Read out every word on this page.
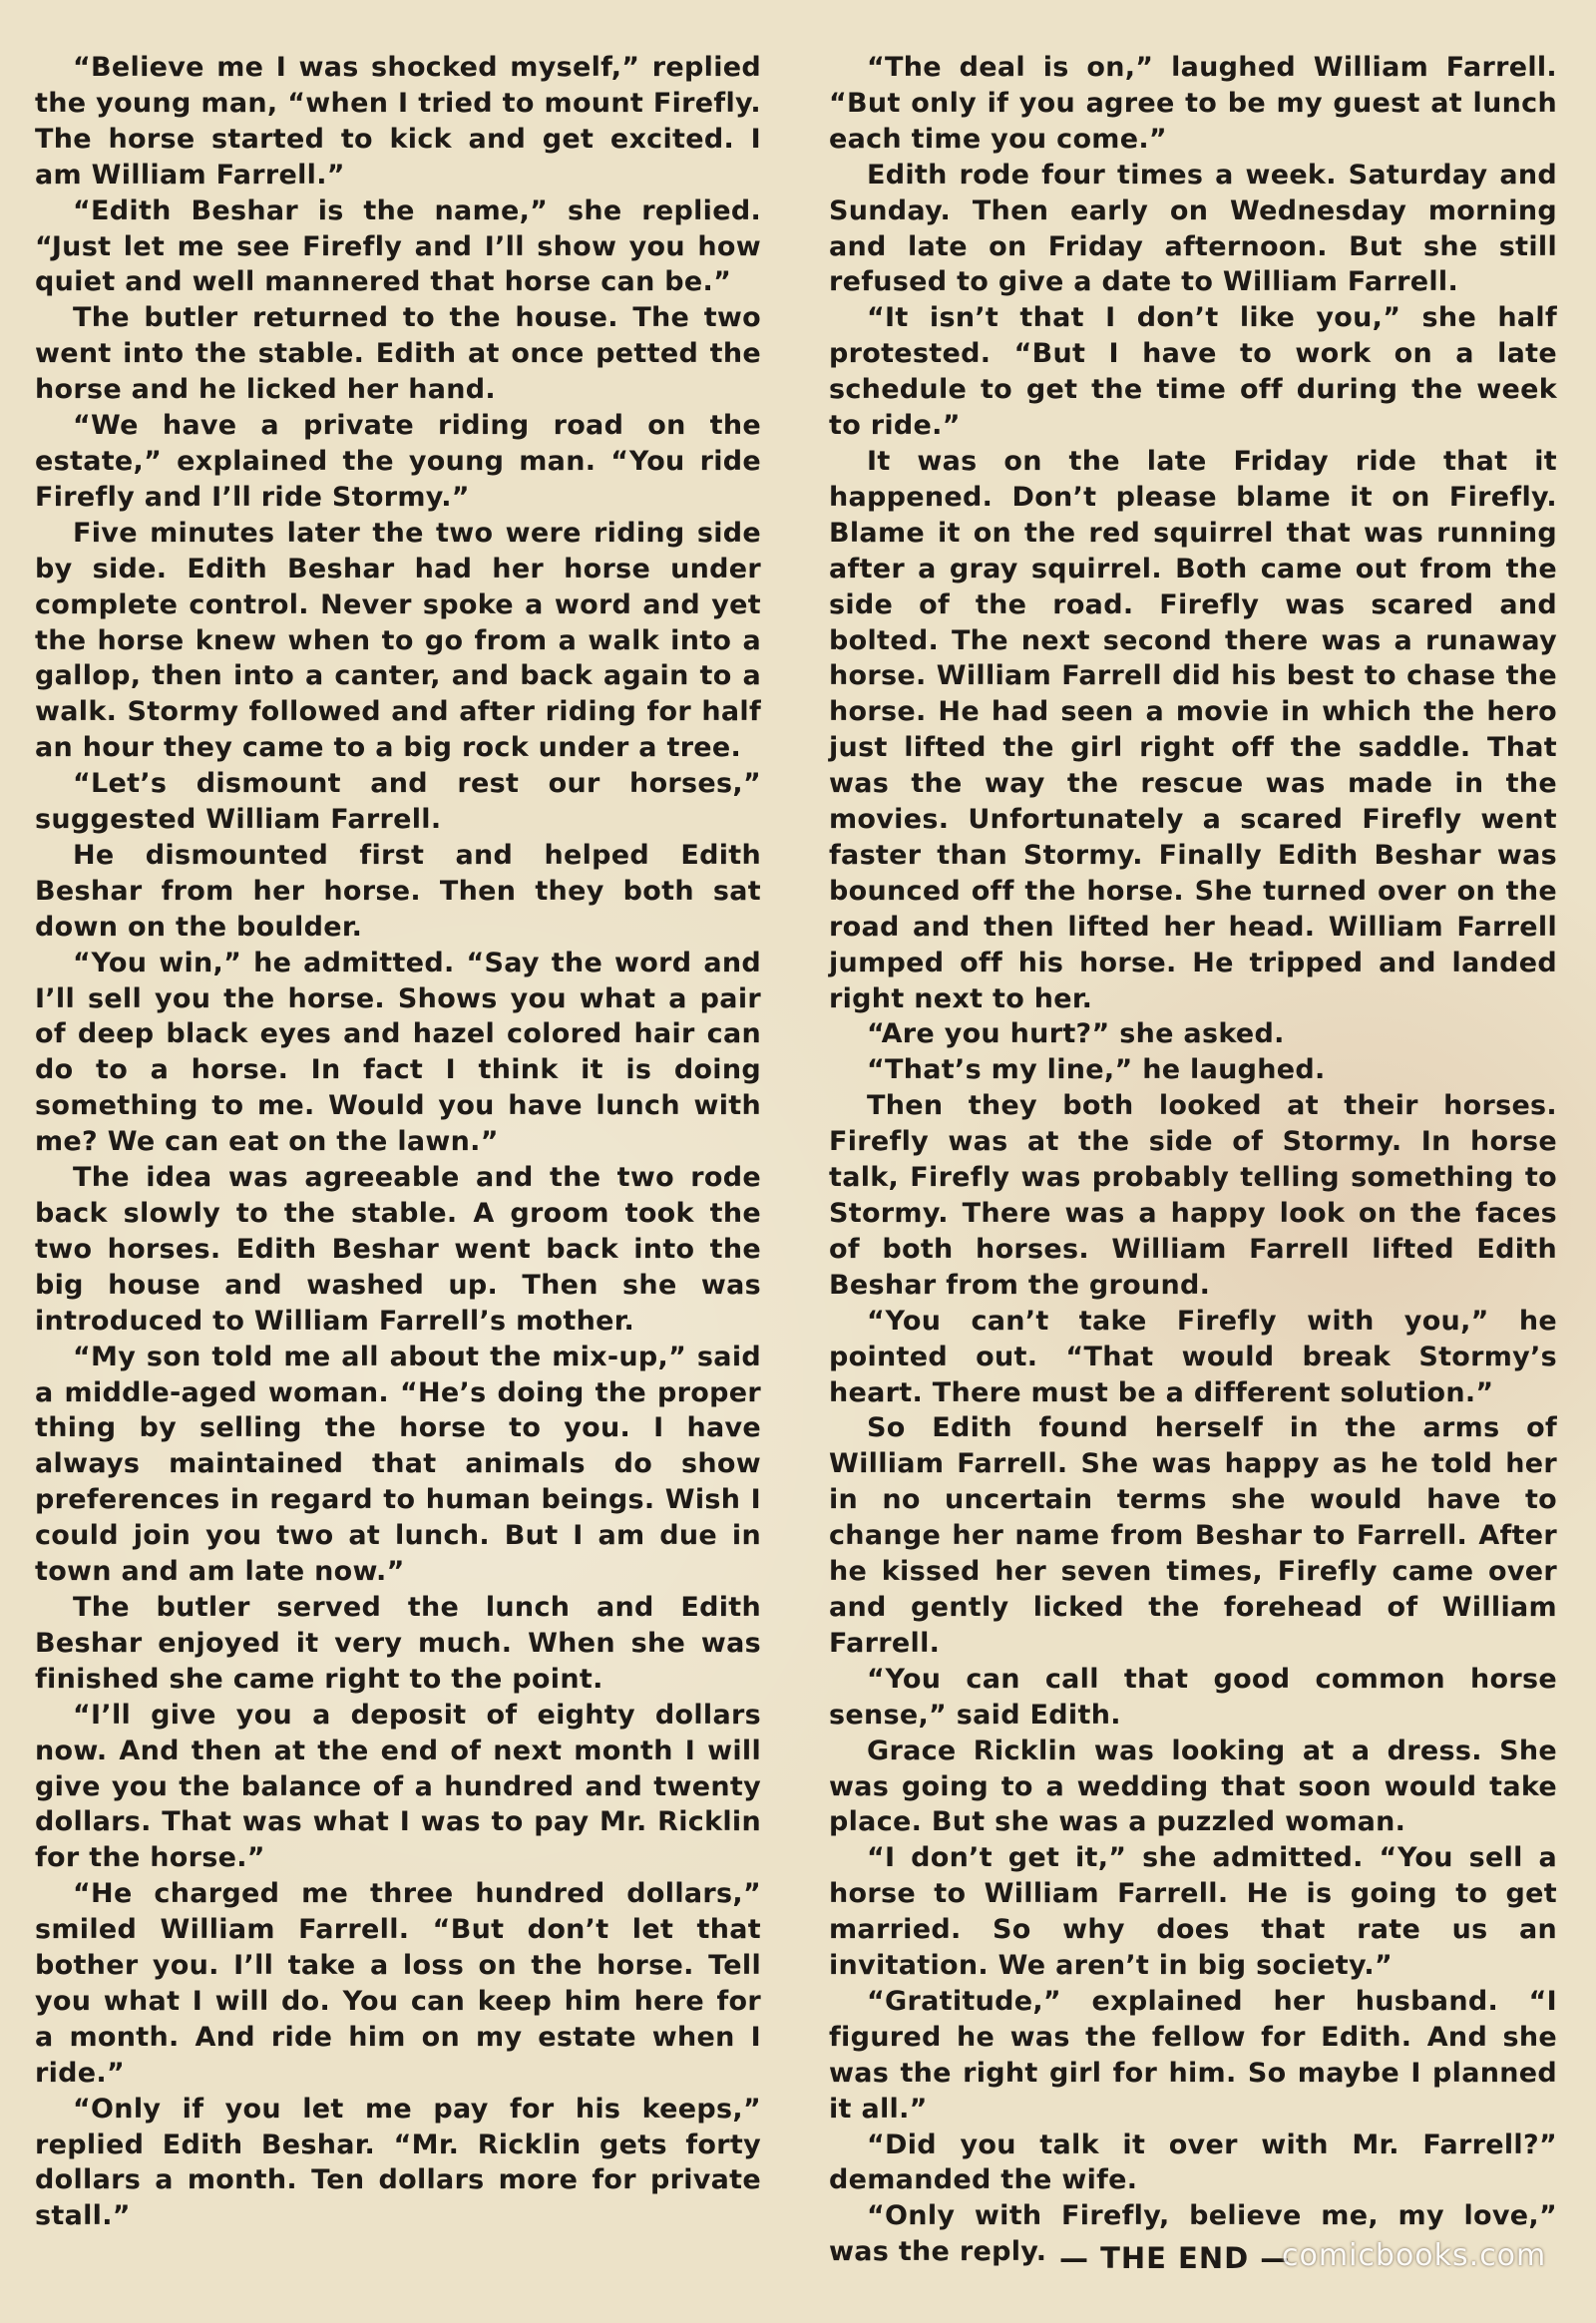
“Believe me I was shocked myself,” replied the young man, “when I tried to mount Firefly. The horse started to kick and get excited. I am William Farrell.”

“Edith Beshar is the name,” she replied. “Just let me see Firefly and I’ll show you how quiet and well mannered that horse can be.”

The butler returned to the house. The two went into the stable. Edith at once petted the horse and he licked her hand.

“We have a private riding road on the estate,” explained the young man. “You ride Firefly and I’ll ride Stormy.”

Five minutes later the two were riding side by side. Edith Beshar had her horse under complete control. Never spoke a word and yet the horse knew when to go from a walk into a gallop, then into a canter, and back again to a walk. Stormy followed and after riding for half an hour they came to a big rock under a tree.

“Let’s dismount and rest our horses,” suggested William Farrell.

He dismounted first and helped Edith Beshar from her horse. Then they both sat down on the boulder.

“You win,” he admitted. “Say the word and I’ll sell you the horse. Shows you what a pair of deep black eyes and hazel colored hair can do to a horse. In fact I think it is doing something to me. Would you have lunch with me? We can eat on the lawn.”

The idea was agreeable and the two rode back slowly to the stable. A groom took the two horses. Edith Beshar went back into the big house and washed up. Then she was introduced to William Farrell’s mother.

“My son told me all about the mix-up,” said a middle-aged woman. “He’s doing the proper thing by selling the horse to you. I have always maintained that animals do show preferences in regard to human beings. Wish I could join you two at lunch. But I am due in town and am late now.”

The butler served the lunch and Edith Beshar enjoyed it very much. When she was finished she came right to the point.

“I’ll give you a deposit of eighty dollars now. And then at the end of next month I will give you the balance of a hundred and twenty dollars. That was what I was to pay Mr. Ricklin for the horse.”

“He charged me three hundred dollars,” smiled William Farrell. “But don’t let that bother you. I’ll take a loss on the horse. Tell you what I will do. You can keep him here for a month. And ride him on my estate when I ride.”

“Only if you let me pay for his keeps,” replied Edith Beshar. “Mr. Ricklin gets forty dollars a month. Ten dollars more for private stall.”

“The deal is on,” laughed William Farrell. “But only if you agree to be my guest at lunch each time you come.”

Edith rode four times a week. Saturday and Sunday. Then early on Wednesday morning and late on Friday afternoon. But she still refused to give a date to William Farrell.

“It isn’t that I don’t like you,” she half protested. “But I have to work on a late schedule to get the time off during the week to ride.”

It was on the late Friday ride that it happened. Don’t please blame it on Firefly. Blame it on the red squirrel that was running after a gray squirrel. Both came out from the side of the road. Firefly was scared and bolted. The next second there was a runaway horse. William Farrell did his best to chase the horse. He had seen a movie in which the hero just lifted the girl right off the saddle. That was the way the rescue was made in the movies. Unfortunately a scared Firefly went faster than Stormy. Finally Edith Beshar was bounced off the horse. She turned over on the road and then lifted her head. William Farrell jumped off his horse. He tripped and landed right next to her.

“Are you hurt?” she asked.

“That’s my line,” he laughed.

Then they both looked at their horses. Firefly was at the side of Stormy. In horse talk, Firefly was probably telling something to Stormy. There was a happy look on the faces of both horses. William Farrell lifted Edith Beshar from the ground.

“You can’t take Firefly with you,” he pointed out. “That would break Stormy’s heart. There must be a different solution.”

So Edith found herself in the arms of William Farrell. She was happy as he told her in no uncertain terms she would have to change her name from Beshar to Farrell. After he kissed her seven times, Firefly came over and gently licked the forehead of William Farrell.

“You can call that good common horse sense,” said Edith.

Grace Ricklin was looking at a dress. She was going to a wedding that soon would take place. But she was a puzzled woman.

“I don’t get it,” she admitted. “You sell a horse to William Farrell. He is going to get married. So why does that rate us an invitation. We aren’t in big society.”

“Gratitude,” explained her husband. “I figured he was the fellow for Edith. And she was the right girl for him. So maybe I planned it all.”

“Did you talk it over with Mr. Farrell?” demanded the wife.

“Only with Firefly, believe me, my love,” was the reply. — THE END —
comicbooks.com
